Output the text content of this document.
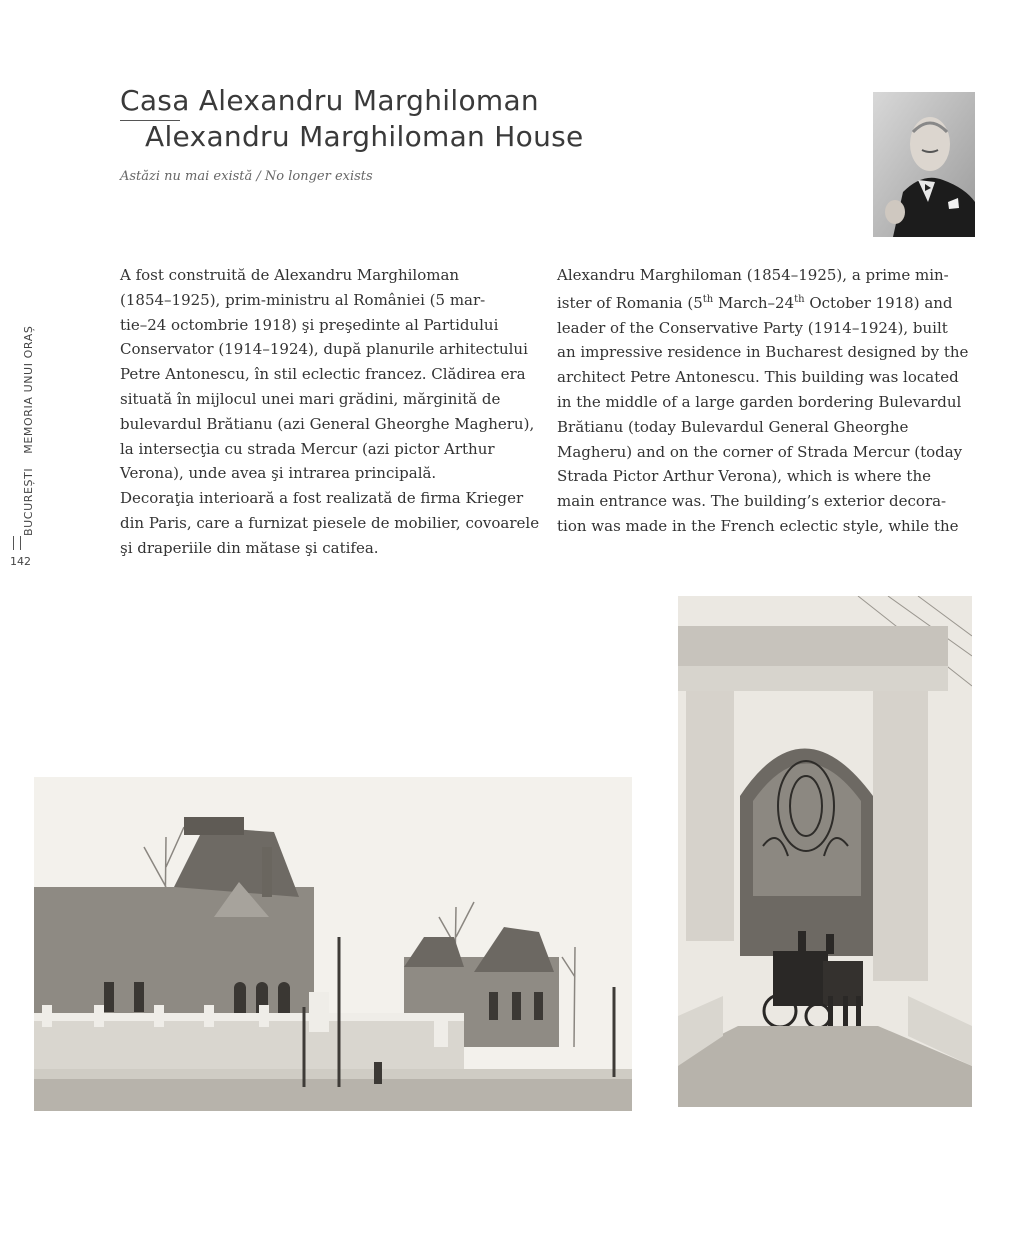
Casa Alexandru Marghiloman
Alexandru Marghiloman House
Astăzi nu mai există / No longer exists
BUCUREȘTIMEMORIA UNUI ORAȘ
142
A fost construită de Alexandru Marghiloman
(1854–1925), prim-ministru al României (5 mar-
tie–24 octombrie 1918) şi preşedinte al Partidului
Conservator (1914–1924), după planurile arhitectului
Petre Antonescu, în stil eclectic francez. Clădirea era
situată în mijlocul unei mari grădini, mărginită de
bulevardul Brătianu (azi General Gheorghe Magheru),
la intersecţia cu strada Mercur (azi pictor Arthur
Verona), unde avea şi intrarea principală.
Decoraţia interioară a fost realizată de firma Krieger
din Paris, care a furnizat piesele de mobilier, covoarele
şi draperiile din mătase şi catifea.
Alexandru Marghiloman (1854–1925), a prime min-
ister of Romania (5th March–24th October 1918) and
leader of the Conservative Party (1914–1924), built
an impressive residence in Bucharest designed by the
architect Petre Antonescu. This building was located
in the middle of a large garden bordering Bulevardul
Brătianu (today Bulevardul General Gheorghe
Magheru) and on the corner of Strada Mercur (today
Strada Pictor Arthur Verona), which is where the
main entrance was. The building’s exterior decora-
tion was made in the French eclectic style, while the
